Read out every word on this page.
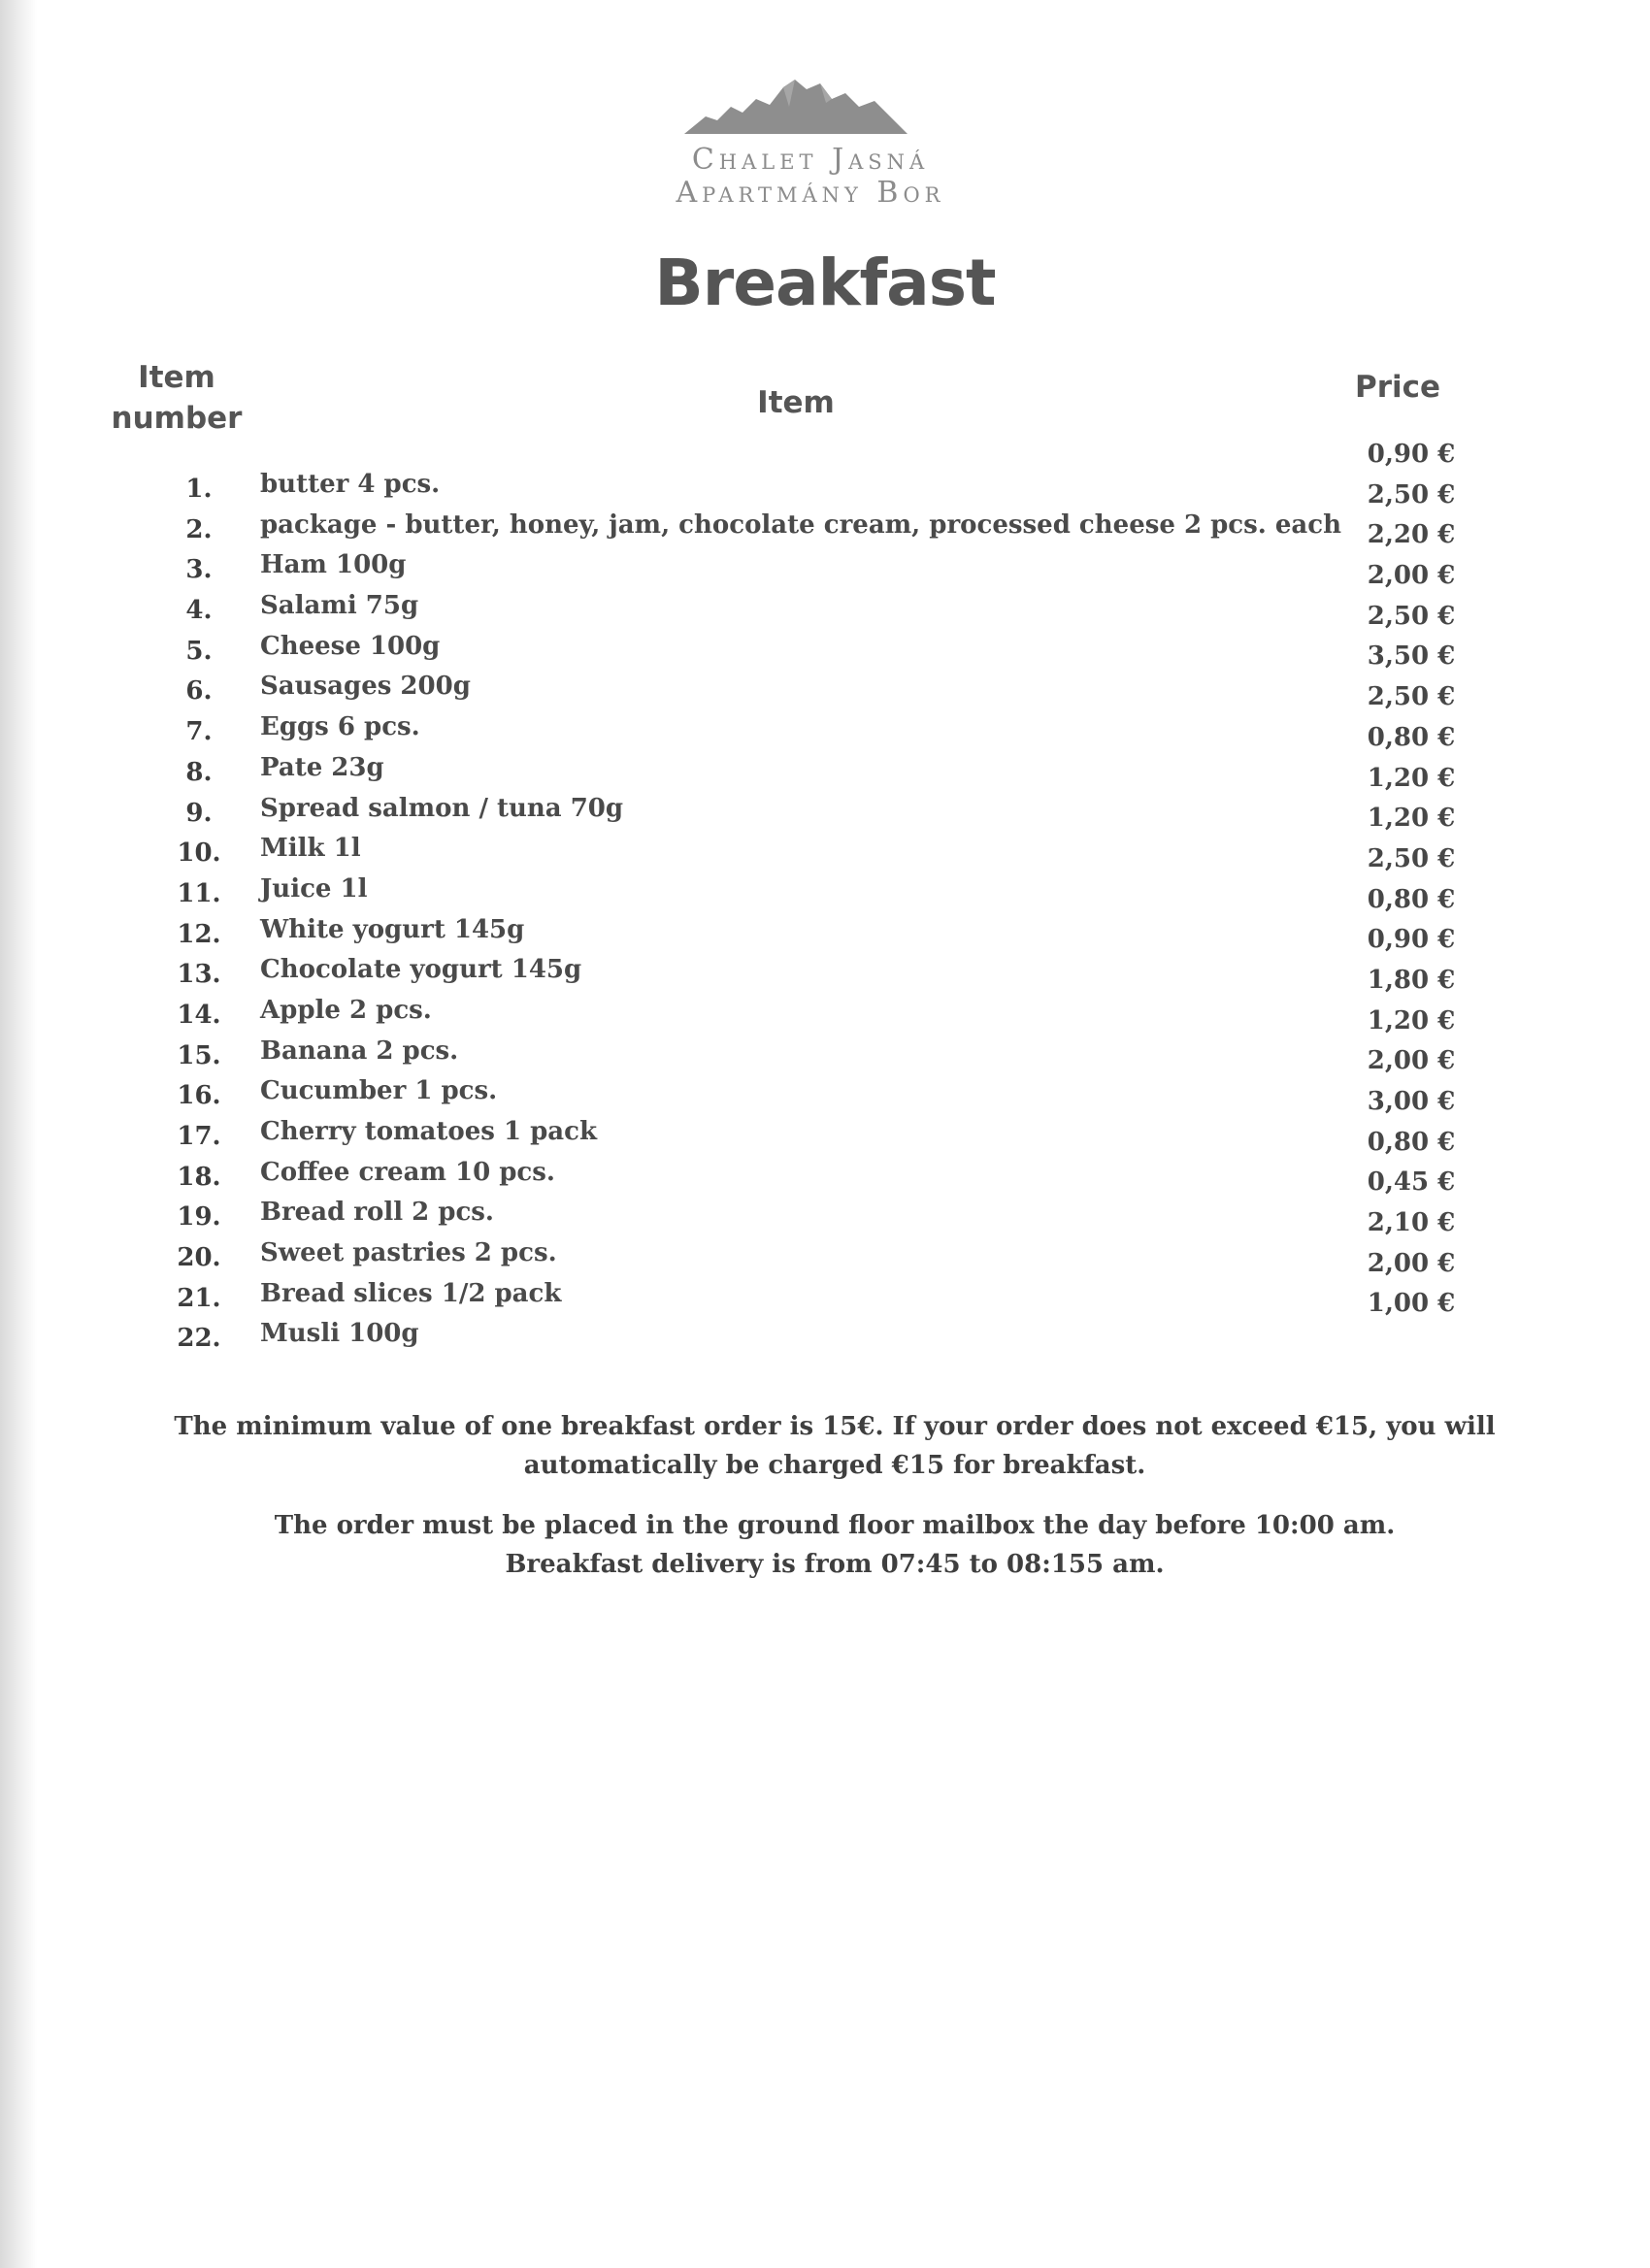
Chalet Jasná
Apartmány Bor
Breakfast
Item
number	Item	Price
1.
2.
3.
4.
5.
6.
7.
8.
9.
10.
11.
12.
13.
14.
15.
16.
17.
18.
19.
20.
21.
22.
butter 4 pcs.
package - butter, honey, jam, chocolate cream, processed cheese 2 pcs. each
Ham 100g
Salami 75g
Cheese 100g
Sausages 200g
Eggs 6 pcs.
Pate 23g
Spread salmon / tuna 70g
Milk 1l
Juice 1l
White yogurt 145g
Chocolate yogurt 145g
Apple 2 pcs.
Banana 2 pcs.
Cucumber 1 pcs.
Cherry tomatoes 1 pack
Coffee cream 10 pcs.
Bread roll 2 pcs.
Sweet pastries 2 pcs.
Bread slices 1/2 pack
Musli 100g
0,90 €
2,50 €
2,20 €
2,00 €
2,50 €
3,50 €
2,50 €
0,80 €
1,20 €
1,20 €
2,50 €
0,80 €
0,90 €
1,80 €
1,20 €
2,00 €
3,00 €
0,80 €
0,45 €
2,10 €
2,00 €
1,00 €
The minimum value of one breakfast order is 15€. If your order does not exceed €15, you will
automatically be charged €15 for breakfast.
The order must be placed in the ground floor mailbox the day before 10:00 am.
Breakfast delivery is from 07:45 to 08:155 am.
